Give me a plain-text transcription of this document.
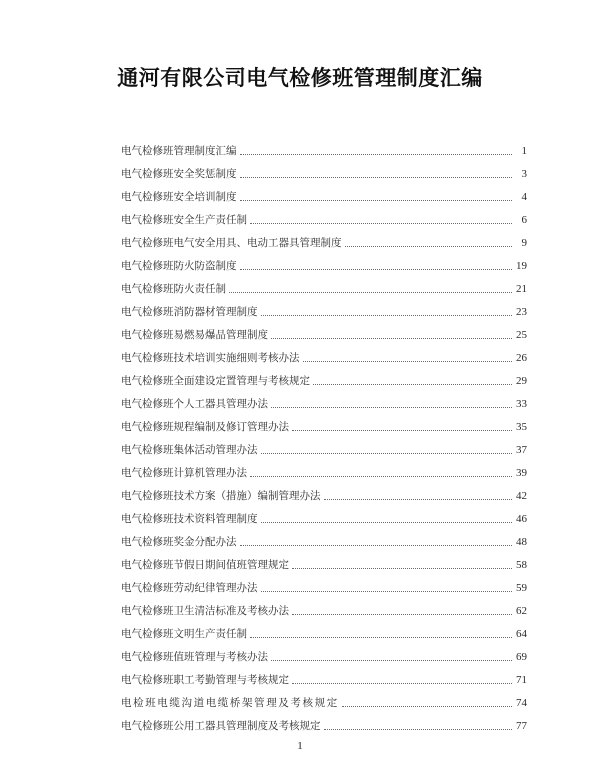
通河有限公司电气检修班管理制度汇编
电气检修班管理制度汇编	1
电气检修班安全奖惩制度	3
电气检修班安全培训制度	4
电气检修班安全生产责任制	6
电气检修班电气安全用具、电动工器具管理制度	9
电气检修班防火防盗制度	19
电气检修班防火责任制	21
电气检修班消防器材管理制度	23
电气检修班易燃易爆品管理制度	25
电气检修班技术培训实施细则考核办法	26
电气检修班全面建设定置管理与考核规定	29
电气检修班个人工器具管理办法	33
电气检修班规程编制及修订管理办法	35
电气检修班集体活动管理办法	37
电气检修班计算机管理办法	39
电气检修班技术方案（措施）编制管理办法	42
电气检修班技术资料管理制度	46
电气检修班奖金分配办法	48
电气检修班节假日期间值班管理规定	58
电气检修班劳动纪律管理办法	59
电气检修班卫生清洁标准及考核办法	62
电气检修班文明生产责任制	64
电气检修班值班管理与考核办法	69
电气检修班职工考勤管理与考核规定	71
电检班电缆沟道电缆桥架管理及考核规定	74
电气检修班公用工器具管理制度及考核规定	77
1
